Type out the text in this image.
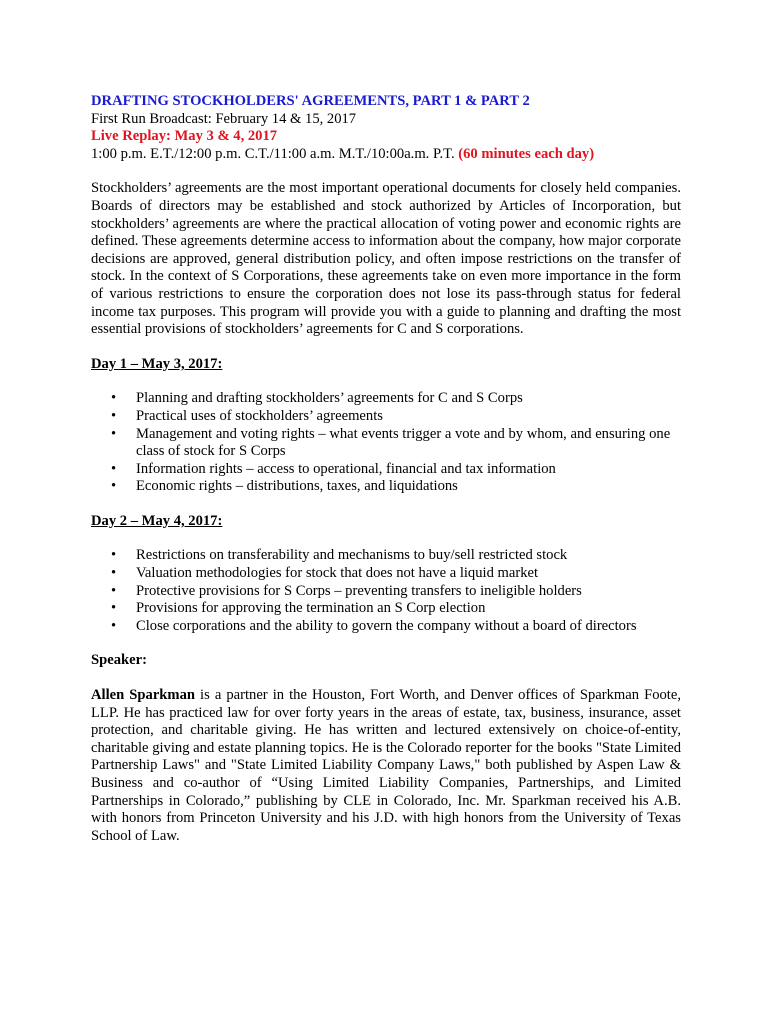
DRAFTING STOCKHOLDERS' AGREEMENTS, PART 1 & PART 2
First Run Broadcast: February 14 & 15, 2017
Live Replay: May 3 & 4, 2017
1:00 p.m. E.T./12:00 p.m. C.T./11:00 a.m. M.T./10:00a.m. P.T. (60 minutes each day)

Stockholders’ agreements are the most important operational documents for closely held companies. Boards of directors may be established and stock authorized by Articles of Incorporation, but stockholders’ agreements are where the practical allocation of voting power and economic rights are defined. These agreements determine access to information about the company, how major corporate decisions are approved, general distribution policy, and often impose restrictions on the transfer of stock. In the context of S Corporations, these agreements take on even more importance in the form of various restrictions to ensure the corporation does not lose its pass-through status for federal income tax purposes. This program will provide you with a guide to planning and drafting the most essential provisions of stockholders’ agreements for C and S corporations.

Day 1 – May 3, 2017:
• Planning and drafting stockholders’ agreements for C and S Corps
• Practical uses of stockholders’ agreements
• Management and voting rights – what events trigger a vote and by whom, and ensuring one class of stock for S Corps
• Information rights – access to operational, financial and tax information
• Economic rights – distributions, taxes, and liquidations
Day 2 – May 4, 2017:
• Restrictions on transferability and mechanisms to buy/sell restricted stock
• Valuation methodologies for stock that does not have a liquid market
• Protective provisions for S Corps – preventing transfers to ineligible holders
• Provisions for approving the termination an S Corp election
• Close corporations and the ability to govern the company without a board of directors
Speaker:

Allen Sparkman is a partner in the Houston, Fort Worth, and Denver offices of Sparkman Foote, LLP. He has practiced law for over forty years in the areas of estate, tax, business, insurance, asset protection, and charitable giving. He has written and lectured extensively on choice-of-entity, charitable giving and estate planning topics. He is the Colorado reporter for the books "State Limited Partnership Laws" and "State Limited Liability Company Laws," both published by Aspen Law & Business and co-author of “Using Limited Liability Companies, Partnerships, and Limited Partnerships in Colorado,” publishing by CLE in Colorado, Inc. Mr. Sparkman received his A.B. with honors from Princeton University and his J.D. with high honors from the University of Texas School of Law.
